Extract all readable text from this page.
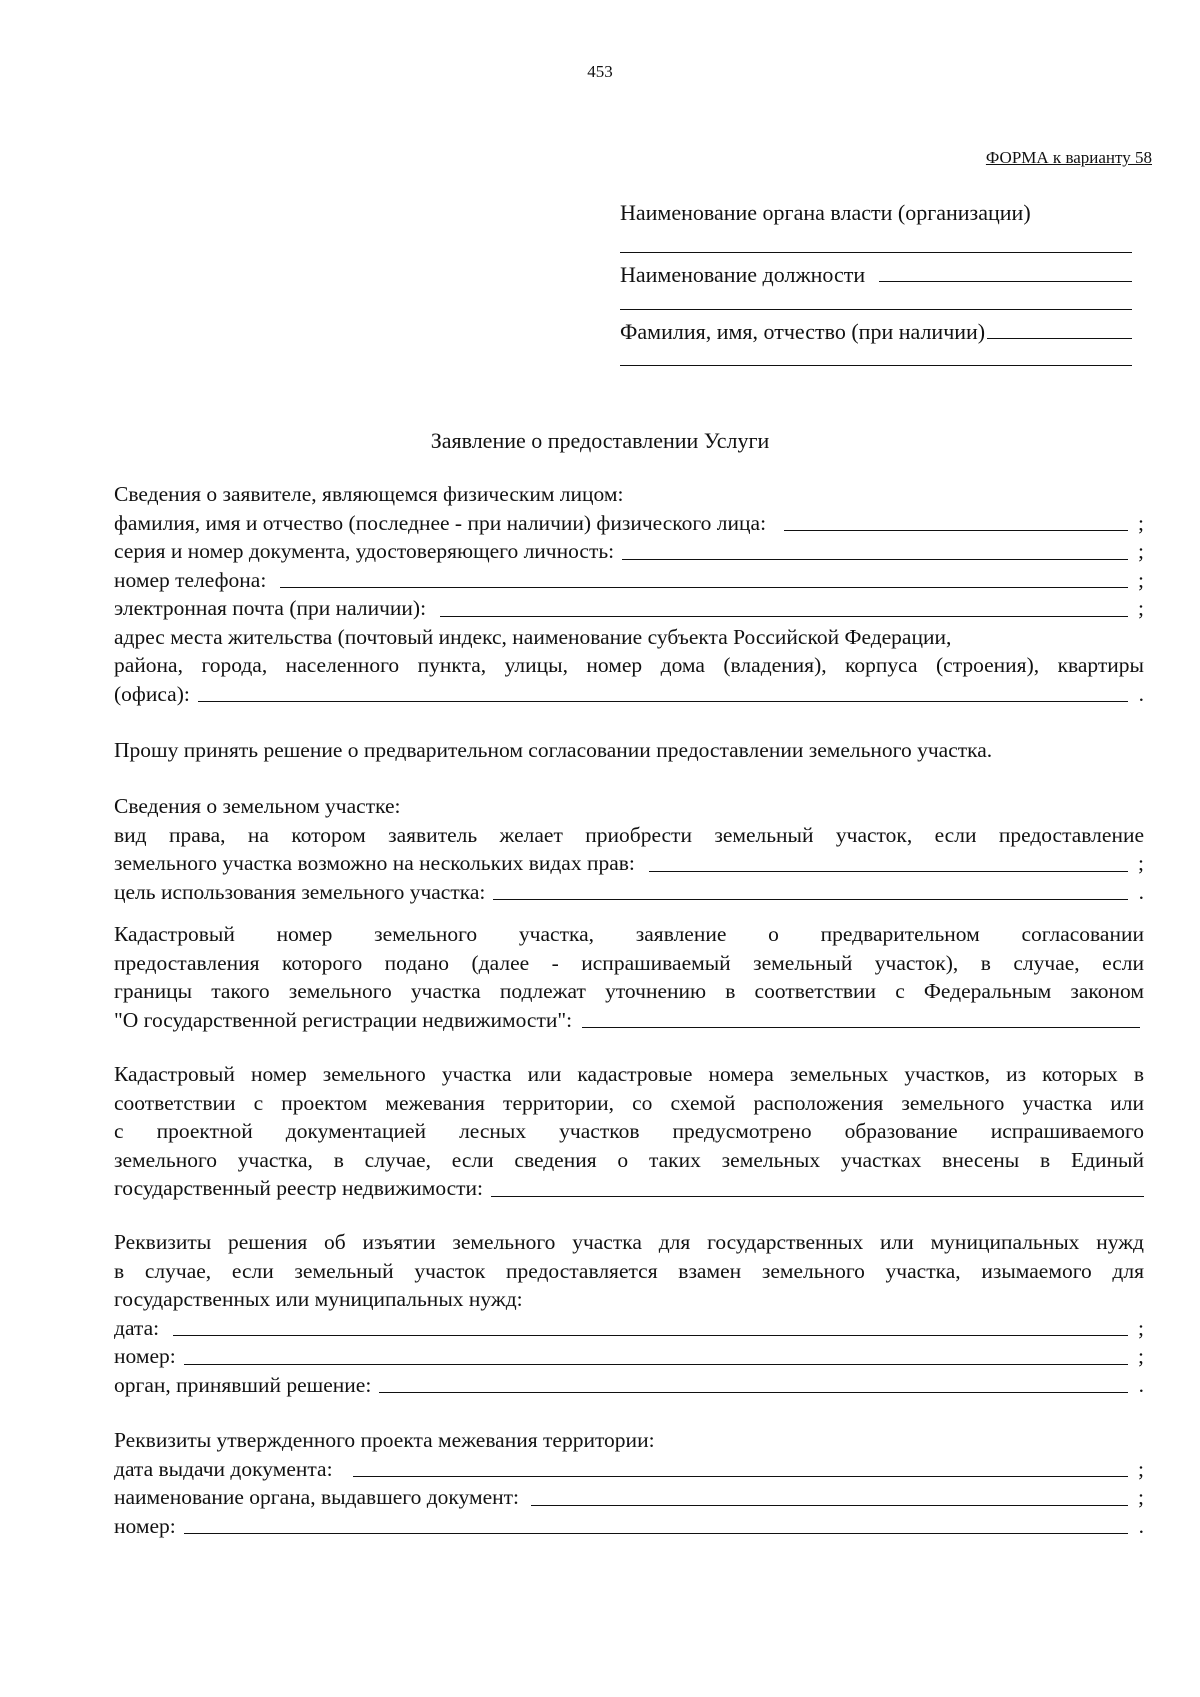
453
ФОРМА к варианту 58
Наименование органа власти (организации)
Наименование должности
Фамилия, имя, отчество (при наличии)
Заявление о предоставлении Услуги

Сведения о заявителе, являющемся физическим лицом:

фамилия, имя и отчество (последнее - при наличии) физического лица:	;
серия и номер документа, удостоверяющего личность:	;
номер телефона:	;
электронная почта (при наличии):	;

адрес места жительства (почтовый индекс, наименование субъекта Российской Федерации,

района, города, населенного пункта, улицы, номер дома (владения), корпуса (строения), квартиры

(офиса):	.

Прошу принять решение о предварительном согласовании предоставлении земельного участка.

Сведения о земельном участке:

вид права, на котором заявитель желает приобрести земельный участок, если предоставление

земельного участка возможно на нескольких видах прав:	;
цель использования земельного участка:	.

Кадастровый номер земельного участка, заявление о предварительном согласовании

предоставления которого подано (далее - испрашиваемый земельный участок), в случае, если

границы такого земельного участка подлежат уточнению в соответствии с Федеральным законом

"О государственной регистрации недвижимости":

Кадастровый номер земельного участка или кадастровые номера земельных участков, из которых в

соответствии с проектом межевания территории, со схемой расположения земельного участка или

с проектной документацией лесных участков предусмотрено образование испрашиваемого

земельного участка, в случае, если сведения о таких земельных участках внесены в Единый

государственный реестр недвижимости:

Реквизиты решения об изъятии земельного участка для государственных или муниципальных нужд

в случае, если земельный участок предоставляется взамен земельного участка, изымаемого для

государственных или муниципальных нужд:

дата:	;
номер:	;
орган, принявший решение:	.

Реквизиты утвержденного проекта межевания территории:

дата выдачи документа:	;
наименование органа, выдавшего документ:	;
номер:	.
